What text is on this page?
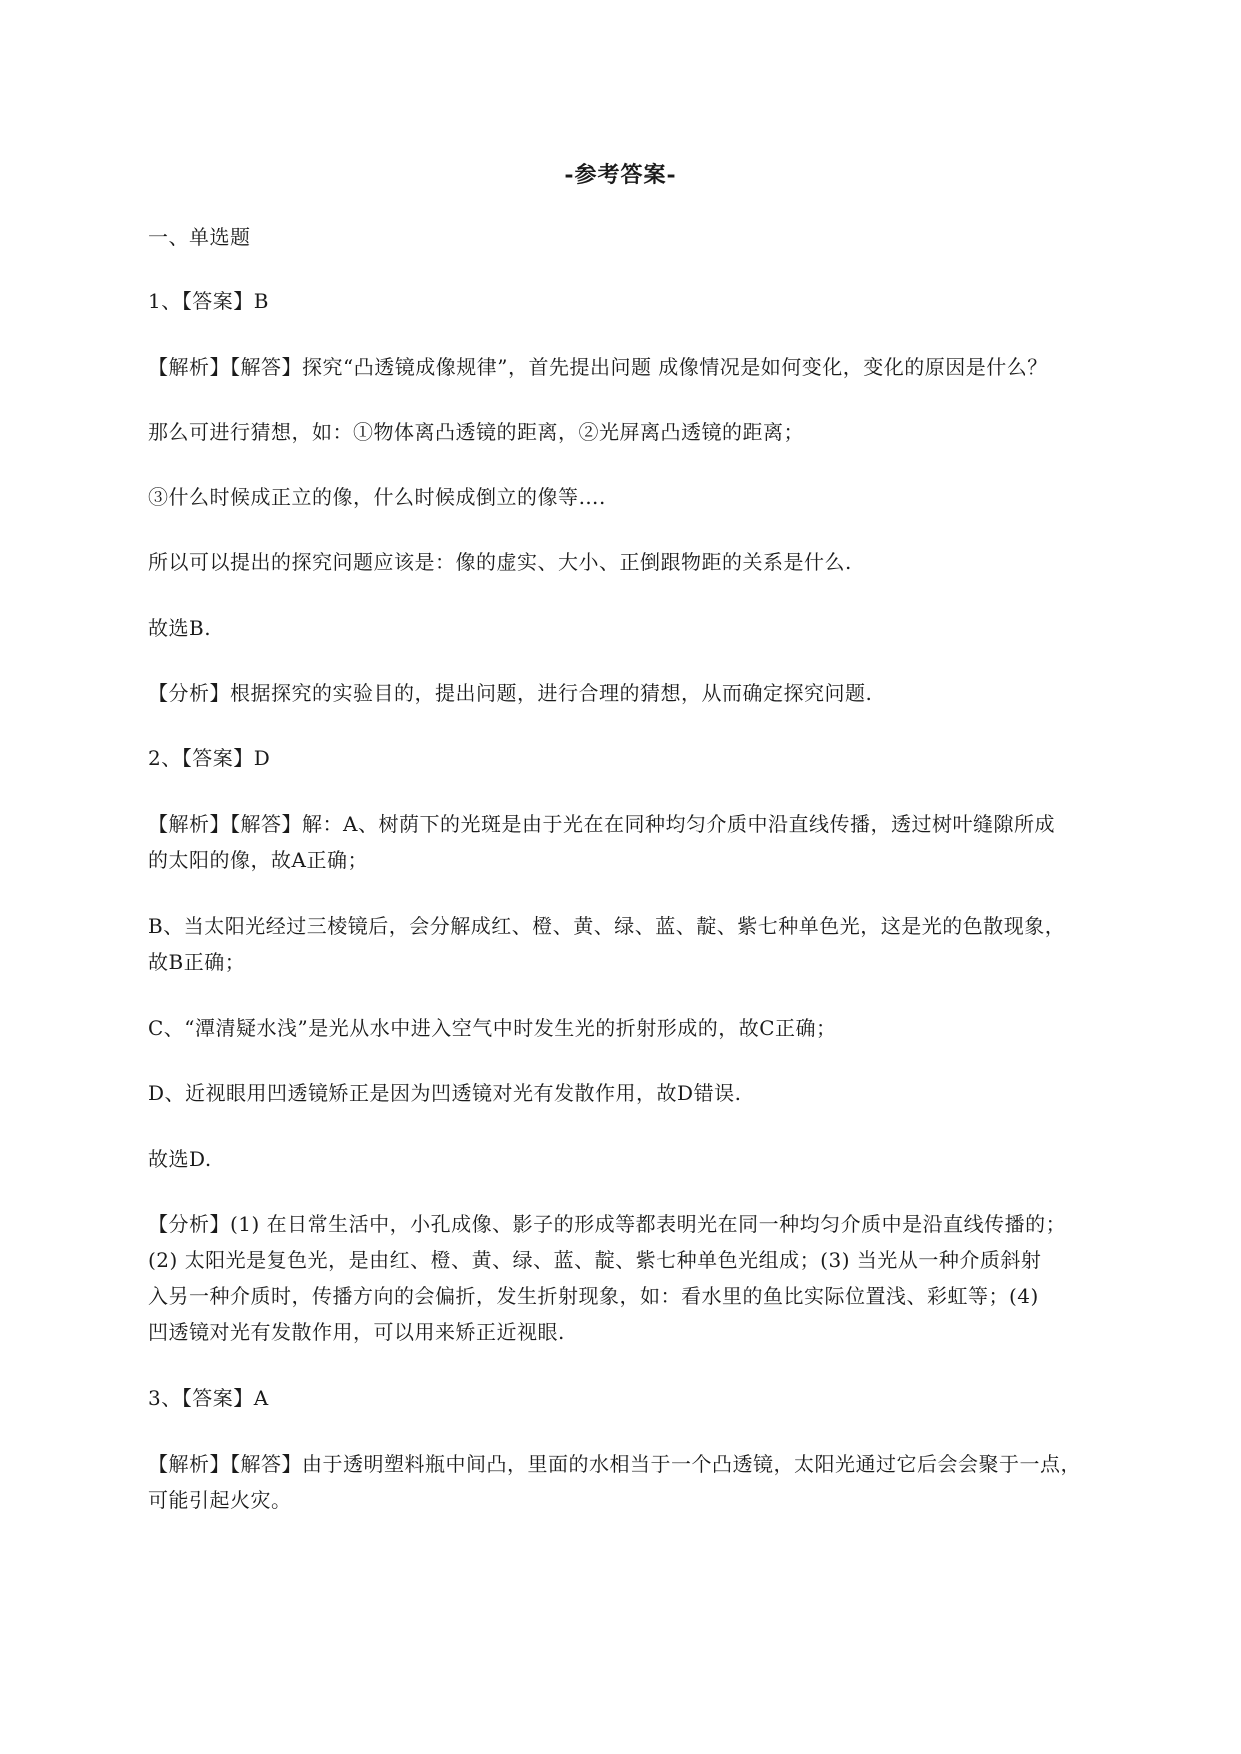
-参考答案-
一、单选题
1、【答案】B
【解析】【解答】探究“凸透镜成像规律”，首先提出问题 成像情况是如何变化，变化的原因是什么？
那么可进行猜想，如：①物体离凸透镜的距离，②光屏离凸透镜的距离；
③什么时候成正立的像，什么时候成倒立的像等….
所以可以提出的探究问题应该是：像的虚实、大小、正倒跟物距的关系是什么.
故选B.
【分析】根据探究的实验目的，提出问题，进行合理的猜想，从而确定探究问题.
2、【答案】D
【解析】【解答】解：A、树荫下的光斑是由于光在在同种均匀介质中沿直线传播，透过树叶缝隙所成
的太阳的像，故A正确；
B、当太阳光经过三棱镜后，会分解成红、橙、黄、绿、蓝、靛、紫七种单色光，这是光的色散现象，
故B正确；
C、“潭清疑水浅”是光从水中进入空气中时发生光的折射形成的，故C正确；
D、近视眼用凹透镜矫正是因为凹透镜对光有发散作用，故D错误.
故选D.
【分析】(1) 在日常生活中，小孔成像、影子的形成等都表明光在同一种均匀介质中是沿直线传播的；
(2) 太阳光是复色光，是由红、橙、黄、绿、蓝、靛、紫七种单色光组成；(3) 当光从一种介质斜射
入另一种介质时，传播方向的会偏折，发生折射现象，如：看水里的鱼比实际位置浅、彩虹等；(4)
凹透镜对光有发散作用，可以用来矫正近视眼.
3、【答案】A
【解析】【解答】由于透明塑料瓶中间凸，里面的水相当于一个凸透镜，太阳光通过它后会会聚于一点，
可能引起火灾。
